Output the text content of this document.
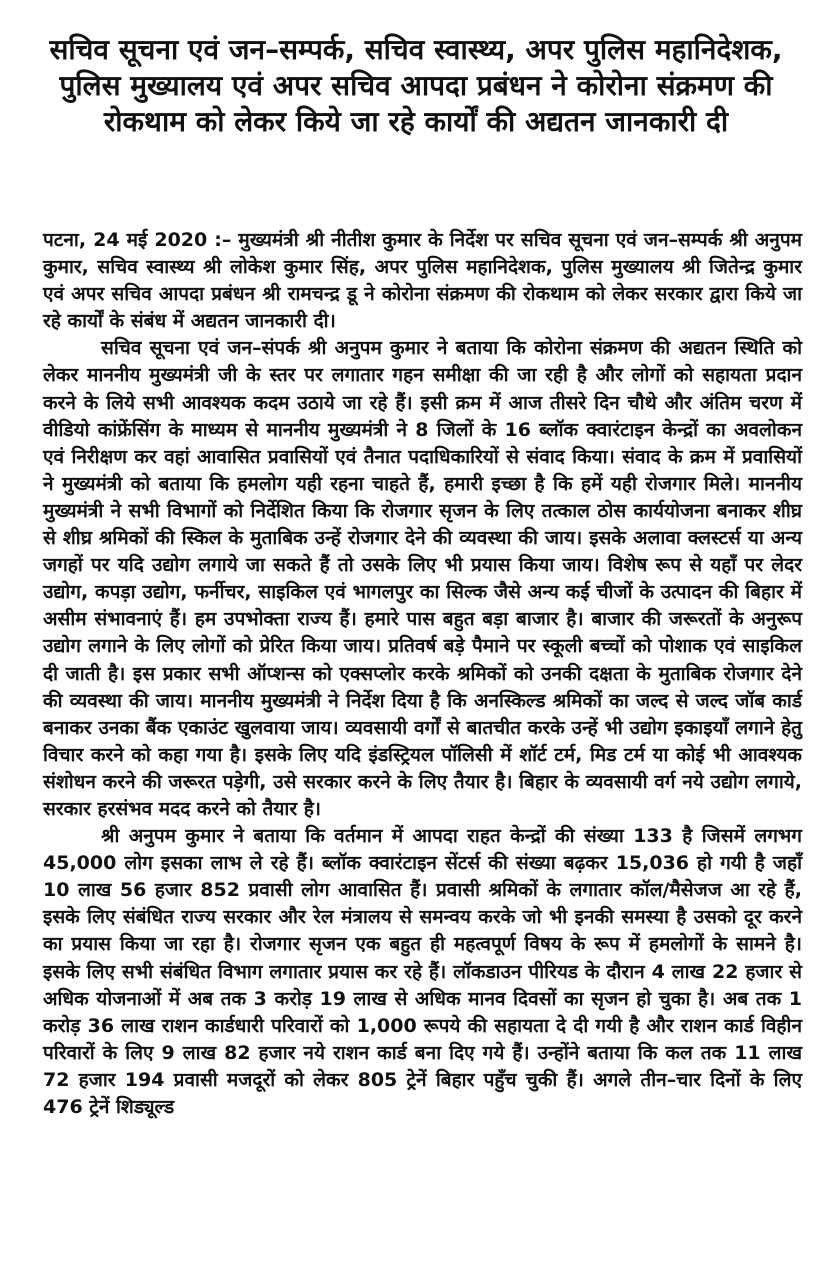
सचिव सूचना एवं जन–सम्पर्क, सचिव स्वास्थ्य, अपर पुलिस महानिदेशक, पुलिस मुख्यालय एवं अपर सचिव आपदा प्रबंधन ने कोरोना संक्रमण की रोकथाम को लेकर किये जा रहे कार्यों की अद्यतन जानकारी दी

पटना, 24 मई 2020 :– मुख्यमंत्री श्री नीतीश कुमार के निर्देश पर सचिव सूचना एवं जन–सम्पर्क श्री अनुपम कुमार, सचिव स्वास्थ्य श्री लोकेश कुमार सिंह, अपर पुलिस महानिदेशक, पुलिस मुख्यालय श्री जितेन्द्र कुमार एवं अपर सचिव आपदा प्रबंधन श्री रामचन्द्र डू ने कोरोना संक्रमण की रोकथाम को लेकर सरकार द्वारा किये जा रहे कार्यों के संबंध में अद्यतन जानकारी दी।

सचिव सूचना एवं जन–संपर्क श्री अनुपम कुमार ने बताया कि कोरोना संक्रमण की अद्यतन स्थिति को लेकर माननीय मुख्यमंत्री जी के स्तर पर लगातार गहन समीक्षा की जा रही है और लोगों को सहायता प्रदान करने के लिये सभी आवश्यक कदम उठाये जा रहे हैं। इसी क्रम में आज तीसरे दिन चौथे और अंतिम चरण में वीडियो कांफ्रेंसिंग के माध्यम से माननीय मुख्यमंत्री ने 8 जिलों के 16 ब्लॉक क्वारंटाइन केन्द्रों का अवलोकन एवं निरीक्षण कर वहां आवासित प्रवासियों एवं तैनात पदाधिकारियों से संवाद किया। संवाद के क्रम में प्रवासियों ने मुख्यमंत्री को बताया कि हमलोग यही रहना चाहते हैं, हमारी इच्छा है कि हमें यही रोजगार मिले। माननीय मुख्यमंत्री ने सभी विभागों को निर्देशित किया कि रोजगार सृजन के लिए तत्काल ठोस कार्ययोजना बनाकर शीघ्र से शीघ्र श्रमिकों की स्किल के मुताबिक उन्हें रोजगार देने की व्यवस्था की जाय। इसके अलावा क्लस्टर्स या अन्य जगहों पर यदि उद्योग लगाये जा सकते हैं तो उसके लिए भी प्रयास किया जाय। विशेष रूप से यहाँ पर लेदर उद्योग, कपड़ा उद्योग, फर्नीचर, साइकिल एवं भागलपुर का सिल्क जैसे अन्य कई चीजों के उत्पादन की बिहार में असीम संभावनाएं हैं। हम उपभोक्ता राज्य हैं। हमारे पास बहुत बड़ा बाजार है। बाजार की जरूरतों के अनुरूप उद्योग लगाने के लिए लोगों को प्रेरित किया जाय। प्रतिवर्ष बड़े पैमाने पर स्कूली बच्चों को पोशाक एवं साइकिल दी जाती है। इस प्रकार सभी ऑप्शन्स को एक्सप्लोर करके श्रमिकों को उनकी दक्षता के मुताबिक रोजगार देने की व्यवस्था की जाय। माननीय मुख्यमंत्री ने निर्देश दिया है कि अनस्किल्ड श्रमिकों का जल्द से जल्द जॉब कार्ड बनाकर उनका बैंक एकाउंट खुलवाया जाय। व्यवसायी वर्गों से बातचीत करके उन्हें भी उद्योग इकाइयाँ लगाने हेतु विचार करने को कहा गया है। इसके लिए यदि इंडस्ट्रियल पॉलिसी में शॉर्ट टर्म, मिड टर्म या कोई भी आवश्यक संशोधन करने की जरूरत पड़ेगी, उसे सरकार करने के लिए तैयार है। बिहार के व्यवसायी वर्ग नये उद्योग लगाये, सरकार हरसंभव मदद करने को तैयार है।

श्री अनुपम कुमार ने बताया कि वर्तमान में आपदा राहत केन्द्रों की संख्या 133 है जिसमें लगभग 45,000 लोग इसका लाभ ले रहे हैं। ब्लॉक क्वारंटाइन सेंटर्स की संख्या बढ़कर 15,036 हो गयी है जहाँ 10 लाख 56 हजार 852 प्रवासी लोग आवासित हैं। प्रवासी श्रमिकों के लगातार कॉल/मैसेजज आ रहे हैं, इसके लिए संबंधित राज्य सरकार और रेल मंत्रालय से समन्वय करके जो भी इनकी समस्या है उसको दूर करने का प्रयास किया जा रहा है। रोजगार सृजन एक बहुत ही महत्वपूर्ण विषय के रूप में हमलोगों के सामने है। इसके लिए सभी संबंधित विभाग लगातार प्रयास कर रहे हैं। लॉकडाउन पीरियड के दौरान 4 लाख 22 हजार से अधिक योजनाओं में अब तक 3 करोड़ 19 लाख से अधिक मानव दिवसों का सृजन हो चुका है। अब तक 1 करोड़ 36 लाख राशन कार्डधारी परिवारों को 1,000 रूपये की सहायता दे दी गयी है और राशन कार्ड विहीन परिवारों के लिए 9 लाख 82 हजार नये राशन कार्ड बना दिए गये हैं। उन्होंने बताया कि कल तक 11 लाख 72 हजार 194 प्रवासी मजदूरों को लेकर 805 ट्रेनें बिहार पहुँच चुकी हैं। अगले तीन–चार दिनों के लिए 476 ट्रेनें शिड्यूल्ड
